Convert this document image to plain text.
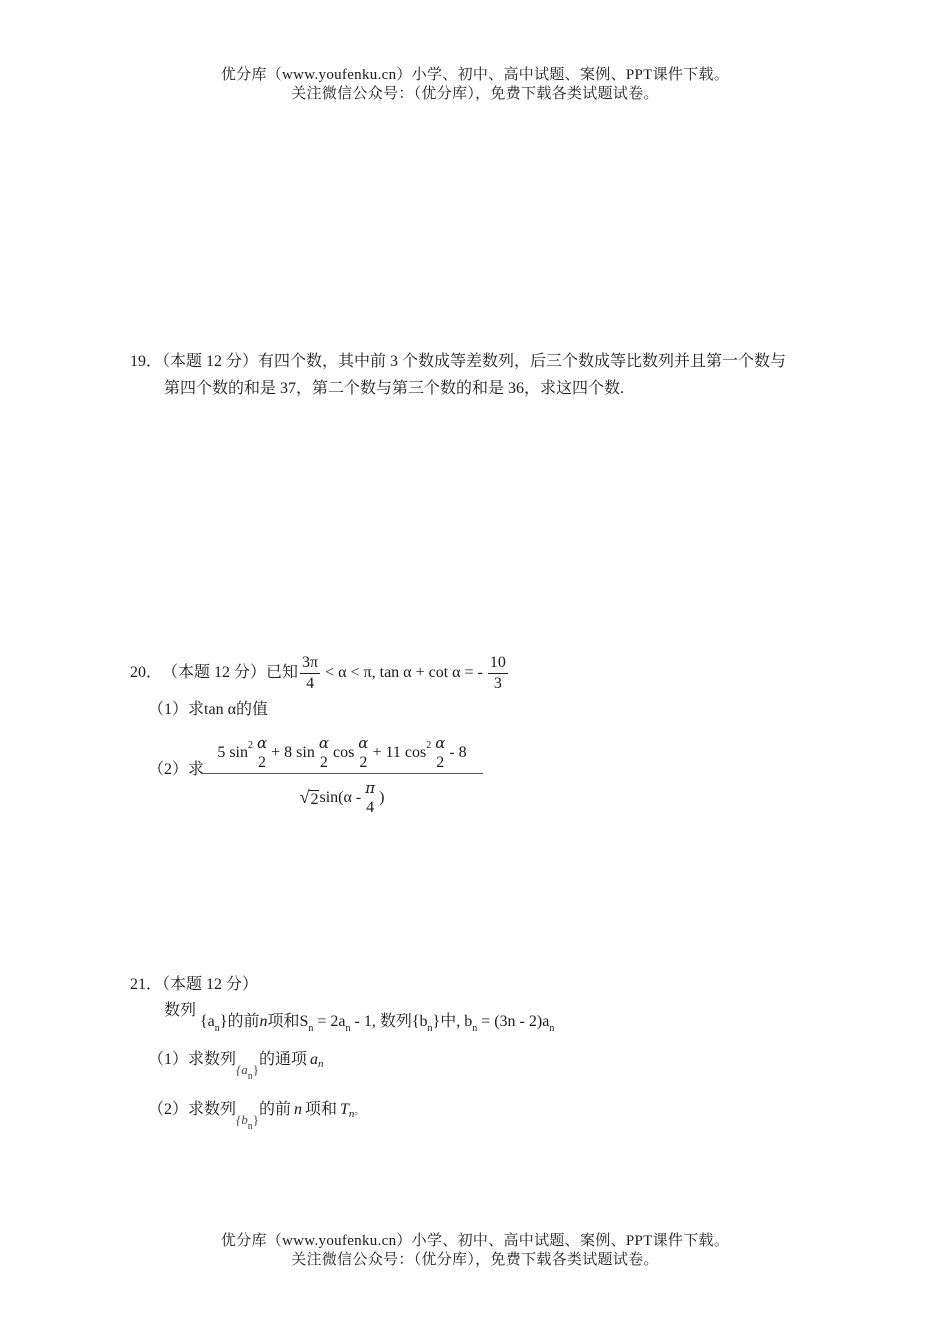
优分库（www.youfenku.cn）小学、初中、高中试题、案例、PPT课件下载。
关注微信公众号：（优分库），免费下载各类试题试卷。
19．（本题 12 分）有四个数，其中前 3 个数成等差数列，后三个数成等比数列并且第一个数与
第四个数的和是 37，第二个数与第三个数的和是 36，求这四个数.
20． （本题 12 分） 已知 $\frac{3\pi}{4} < \alpha < \pi$, tan α + cot α = - $\frac{10}{3}$
（1）求tan α的值
（2）求
5 sin 2 α
2
+ 8 sin
α
2
cos
α
2
+ 11 cos 2 α
2
- 8
√ 2 sin(α -
π
4
)
21．（本题 12 分）
数列
$\{a_n\}$的前n项和$S_n = 2a_n - 1$, 数列$\{b_n\}$中, $b_n = (3n - 2)a_n$
（1）求数列$_{\{a_n\}}$的通项 an
（2）求数列$_{\{b_n\}}$的前 n 项和 Tn。
优分库（www.youfenku.cn）小学、初中、高中试题、案例、PPT课件下载。
关注微信公众号：（优分库），免费下载各类试题试卷。
